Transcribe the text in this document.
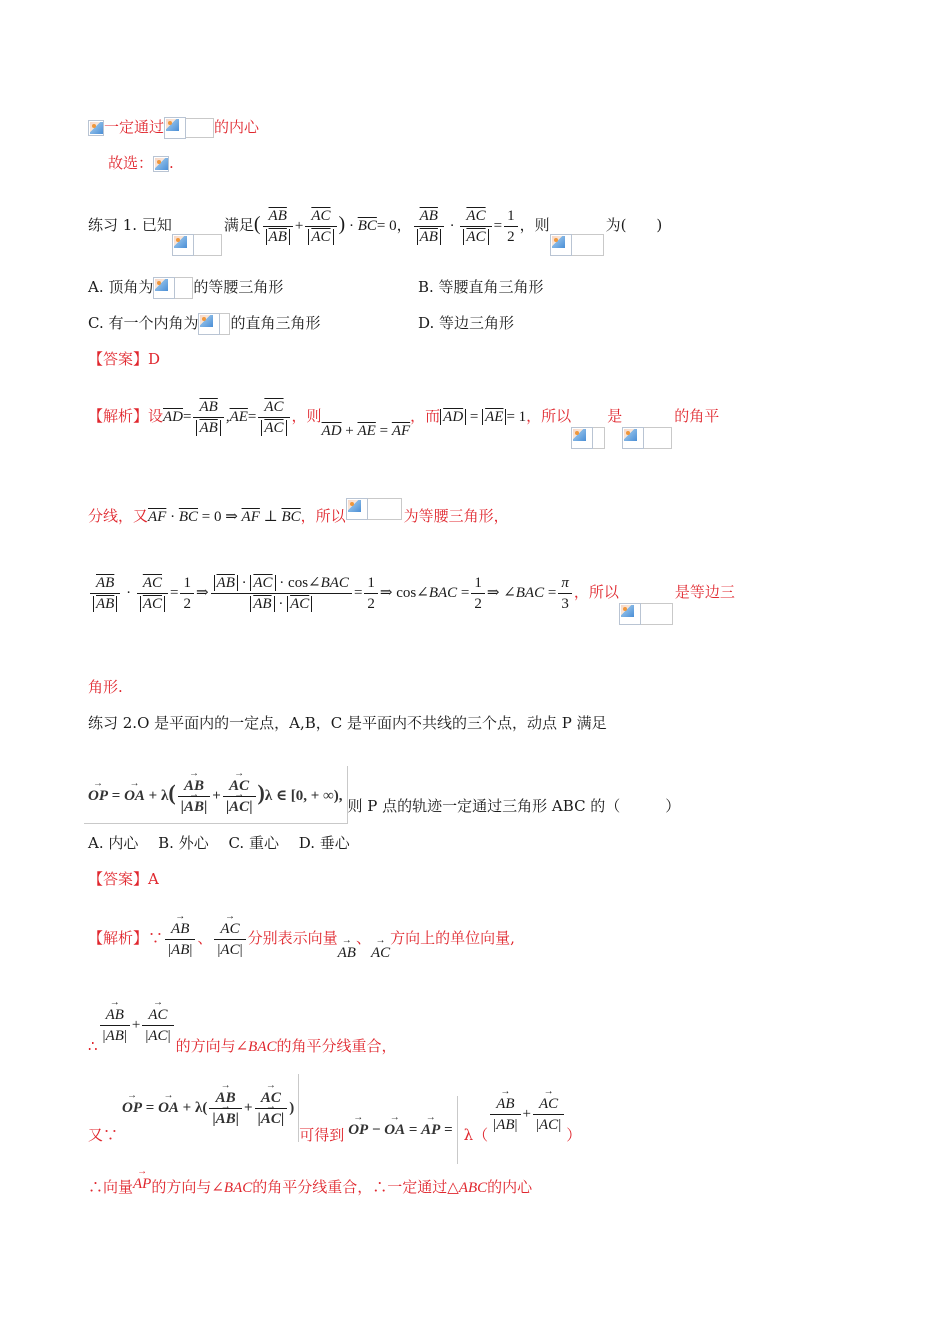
一定通过	的内心
故选： .
练习 1. 已知	满足( $\frac{\overline{AB}}{AB} + \frac{\overline{AC}}{AC}$ ) · $\overline{BC}= 0$， $\frac{\overline{AB}}{AB} \cdot \frac{\overline{AC}}{AC} = \frac{1}{2}$ ，则	为(　　)
A. 顶角为	的等腰三角形	B. 等腰直角三角形
C. 有一个内角为 的直角三角形	D. 等边三角形
【答案】D
【解析】设$\overline{AD}= \frac{\overline{AB}}{AB} ,\overline{AE}= \frac{\overline{AC}}{AC}$ ，则$\overline{AD} + \overline{AE} = \overline{AF}$，而 $\overline{AD} = \overline{AE} = 1$，所以 是	的角平
分线，又$\overline{AF} \cdot \overline{BC} = 0$ ⇒ $\overline{AF}$ ⊥ $\overline{BC}$，所以	为等腰三角形，
$\frac{\overline{AB}}{AB} \cdot \frac{\overline{AC}}{AC} = \frac{1}{2}$ ⇒ $\frac{\overline{AB} \cdot \overline{AC} \cdot \cos\angle BAC}{\overline{AB} \cdot \overline{AC}} = \frac{1}{2}$ ⇒ cos∠BAC = $\frac{1}{2}$ ⇒ ∠BAC = $\frac{\pi}{3}$ ，所以	是等边三
角形.
练习 2.O 是平面内的一定点，A,B，C 是平面内不共线的三个点，动点 P 满足
→ OP = → OA + $\lambda( \to \frac{AB}{|\to AB|}$ + → $\frac{AC}{|\to AC|} )\lambda$ ∈ [0, + ∞),则 P 点的轨迹一定通过三角形 ABC 的（　　　）
A. 内心　 B. 外心　 C. 重心　 D. 垂心
【答案】A
【解析】∵ → $\frac{AB}{|AB|}$ 、 → $\frac{AC}{|AC|}$ 分别表示向量→ AB、→ AC方向上的单位向量,
∴
→ $\frac{AB}{|AB|}$ + → $\frac{AC}{|AC|}$
的方向与∠BAC的角平分线重合，
又∵→ OP = → OA + $\lambda( \to \frac{AB}{|\to AB|}$ + → $\frac{AC}{|\to AC|}$ )可得到 → OP − → OA = → AP = λ（
→ $\frac{AB}{|AB|}$ + → $\frac{AC}{|AC|}$
）
∴向量→ AP的方向与∠BAC的角平分线重合，∴一定通过△ABC的内心
